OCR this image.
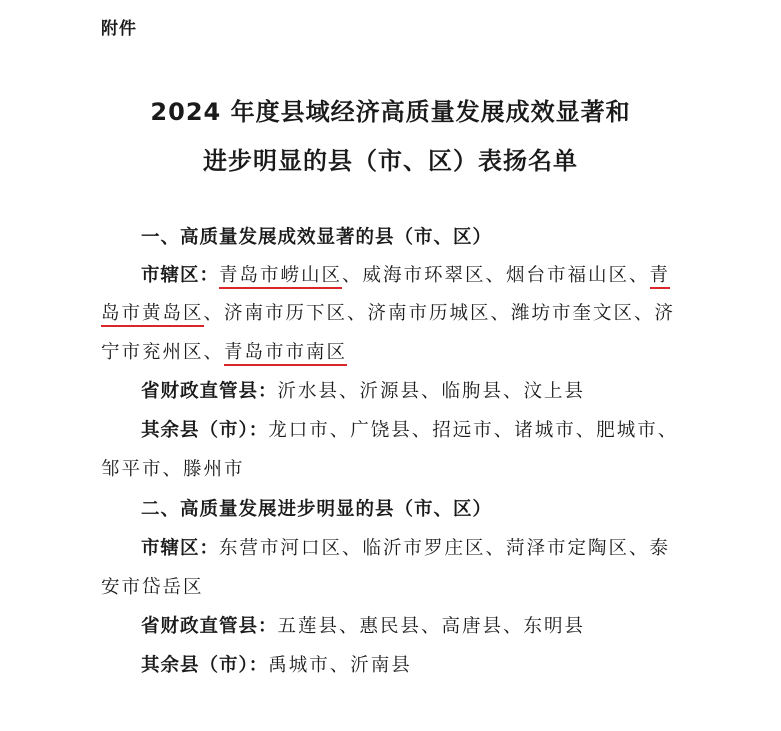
附件
2024 年度县域经济高质量发展成效显著和
进步明显的县（市、区）表扬名单
一、高质量发展成效显著的县（市、区）
市辖区：青岛市崂山区、威海市环翠区、烟台市福山区、青
岛市黄岛区、济南市历下区、济南市历城区、潍坊市奎文区、济
宁市兖州区、青岛市市南区
省财政直管县：沂水县、沂源县、临朐县、汶上县
其余县（市）：龙口市、广饶县、招远市、诸城市、肥城市、
邹平市、滕州市
二、高质量发展进步明显的县（市、区）
市辖区：东营市河口区、临沂市罗庄区、菏泽市定陶区、泰
安市岱岳区
省财政直管县：五莲县、惠民县、高唐县、东明县
其余县（市）：禹城市、沂南县
